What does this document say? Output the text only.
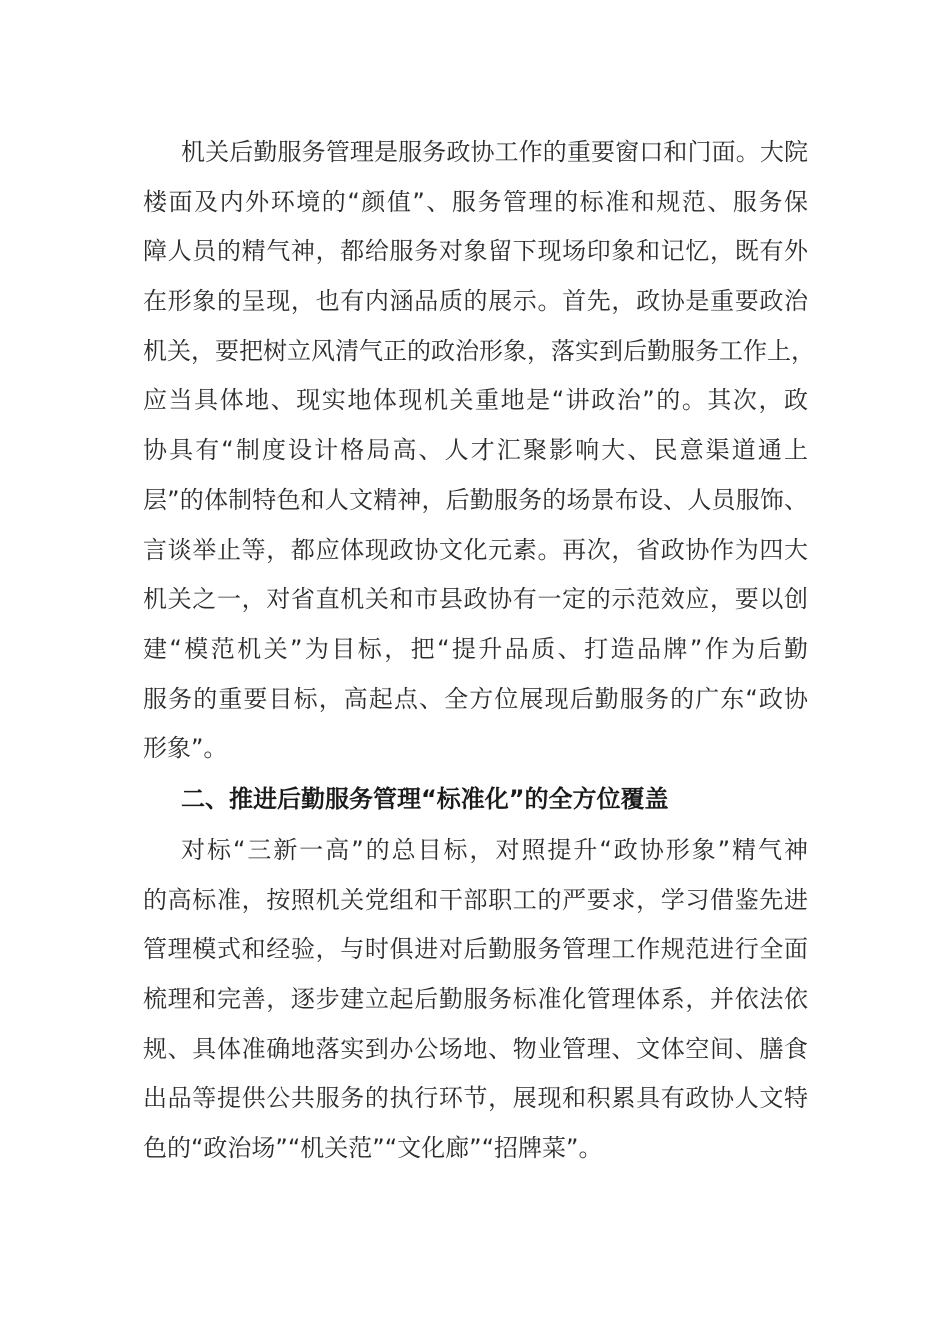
机关后勤服务管理是服务政协工作的重要窗口和门面。大院
楼面及内外环境的“颜值”、服务管理的标准和规范、服务保
障人员的精气神，都给服务对象留下现场印象和记忆，既有外
在形象的呈现，也有内涵品质的展示。首先，政协是重要政治
机关，要把树立风清气正的政治形象，落实到后勤服务工作上，
应当具体地、现实地体现机关重地是“讲政治”的。其次，政
协具有“制度设计格局高、人才汇聚影响大、民意渠道通上
层”的体制特色和人文精神，后勤服务的场景布设、人员服饰、
言谈举止等，都应体现政协文化元素。再次，省政协作为四大
机关之一，对省直机关和市县政协有一定的示范效应，要以创
建“模范机关”为目标，把“提升品质、打造品牌”作为后勤
服务的重要目标，高起点、全方位展现后勤服务的广东“政协
形象”。
二、推进后勤服务管理“标准化”的全方位覆盖
对标“三新一高”的总目标，对照提升“政协形象”精气神
的高标准，按照机关党组和干部职工的严要求，学习借鉴先进
管理模式和经验，与时俱进对后勤服务管理工作规范进行全面
梳理和完善，逐步建立起后勤服务标准化管理体系，并依法依
规、具体准确地落实到办公场地、物业管理、文体空间、膳食
出品等提供公共服务的执行环节，展现和积累具有政协人文特
色的“政治场”“机关范”“文化廊”“招牌菜”。
